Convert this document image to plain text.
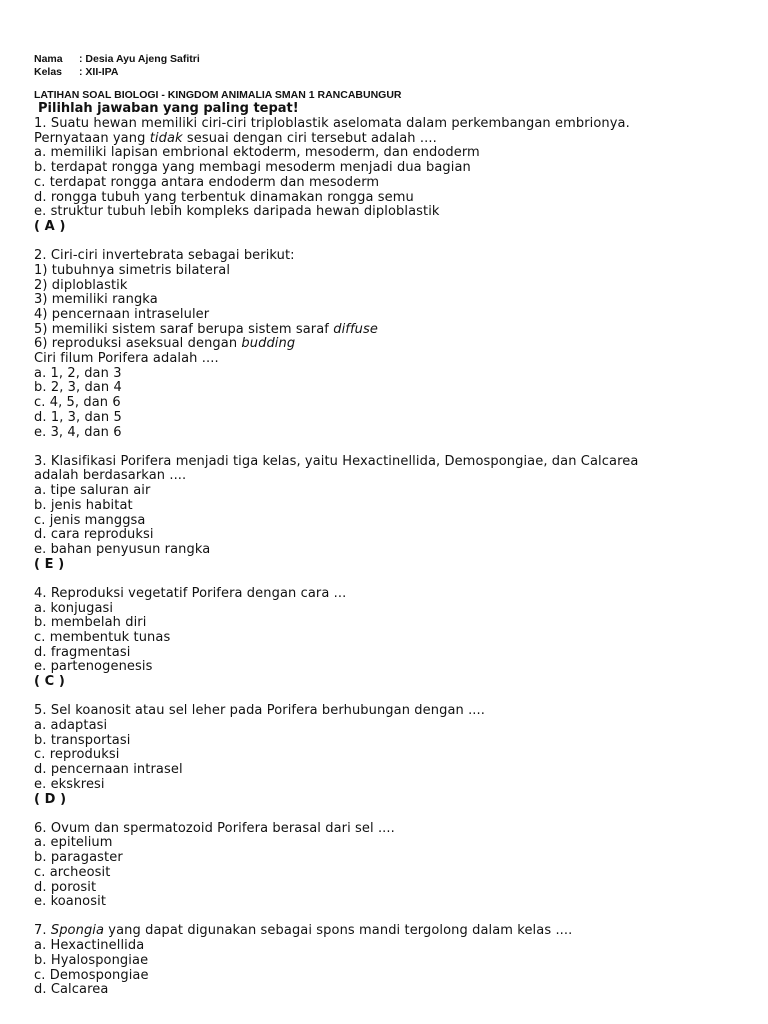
Nama	: Desia Ayu Ajeng Safitri
Kelas	: XII-IPA
LATIHAN SOAL BIOLOGI - KINGDOM ANIMALIA SMAN 1 RANCABUNGUR
Pilihlah jawaban yang paling tepat!
1. Suatu hewan memiliki ciri-ciri triploblastik aselomata dalam perkembangan embrionya.
Pernyataan yang tidak sesuai dengan ciri tersebut adalah ....
a. memiliki lapisan embrional ektoderm, mesoderm, dan endoderm
b. terdapat rongga yang membagi mesoderm menjadi dua bagian
c. terdapat rongga antara endoderm dan mesoderm
d. rongga tubuh yang terbentuk dinamakan rongga semu
e. struktur tubuh lebih kompleks daripada hewan diploblastik
( A )
2. Ciri-ciri invertebrata sebagai berikut:
1) tubuhnya simetris bilateral
2) diploblastik
3) memiliki rangka
4) pencernaan intraseluler
5) memiliki sistem saraf berupa sistem saraf diffuse
6) reproduksi aseksual dengan budding
Ciri filum Porifera adalah ....
a. 1, 2, dan 3
b. 2, 3, dan 4
c. 4, 5, dan 6
d. 1, 3, dan 5
e. 3, 4, dan 6
3. Klasifikasi Porifera menjadi tiga kelas, yaitu Hexactinellida, Demospongiae, dan Calcarea
adalah berdasarkan ....
a. tipe saluran air
b. jenis habitat
c. jenis manggsa
d. cara reproduksi
e. bahan penyusun rangka
( E )
4. Reproduksi vegetatif Porifera dengan cara ...
a. konjugasi
b. membelah diri
c. membentuk tunas
d. fragmentasi
e. partenogenesis
( C )
5. Sel koanosit atau sel leher pada Porifera berhubungan dengan ....
a. adaptasi
b. transportasi
c. reproduksi
d. pencernaan intrasel
e. ekskresi
( D )
6. Ovum dan spermatozoid Porifera berasal dari sel ....
a. epitelium
b. paragaster
c. archeosit
d. porosit
e. koanosit
7. Spongia yang dapat digunakan sebagai spons mandi tergolong dalam kelas ....
a. Hexactinellida
b. Hyalospongiae
c. Demospongiae
d. Calcarea
